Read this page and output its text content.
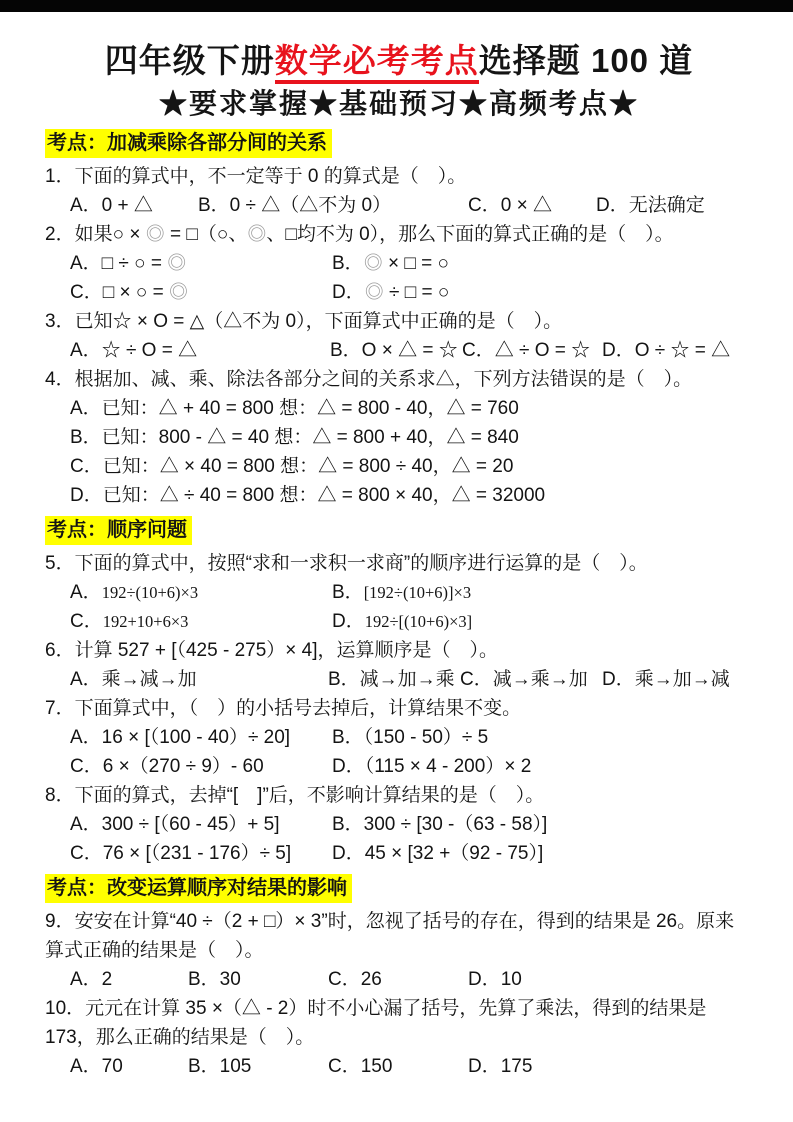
四年级下册数学必考考点选择题 100 道
★要求掌握★基础预习★高频考点★
考点：加减乘除各部分间的关系

1．下面的算式中，不一定等于 0 的算式是（　）。

A．0 + △	B．0 ÷ △（△不为 0）	C．0 × △	D．无法确定

2．如果○ × ◎ = □（○、◎、□均不为 0），那么下面的算式正确的是（　）。

A．□ ÷ ○ = ◎	B．◎ × □ = ○
C．□ × ○ = ◎	D．◎ ÷ □ = ○

3．已知☆ × O = △（△不为 0），下面算式中正确的是（　）。

A．☆ ÷ O = △	B．O × △ = ☆ C．△ ÷ O = ☆ D．O ÷ ☆ = △

4．根据加、减、乘、除法各部分之间的关系求△，下列方法错误的是（　）。

A．已知：△ + 40 = 800 想：△ = 800 - 40，△ = 760

B．已知：800 - △ = 40 想：△ = 800 + 40，△ = 840

C．已知：△ × 40 = 800 想：△ = 800 ÷ 40，△ = 20

D．已知：△ ÷ 40 = 800 想：△ = 800 × 40，△ = 32000

考点：顺序问题

5．下面的算式中，按照“求和一求积一求商”的顺序进行运算的是（　）。

A．192÷(10+6)×3	B．[192÷(10+6)]×3
C．192+10+6×3	D．192÷[(10+6)×3]

6．计算 527 + [（425 - 275）× 4]，运算顺序是（　）。

A．乘→减→加	B．减→加→乘 C．减→乘→加 D．乘→加→减

7．下面算式中，（　）的小括号去掉后，计算结果不变。

A．16 × [（100 - 40）÷ 20]	B．（150 - 50）÷ 5
C．6 ×（270 ÷ 9）- 60	D．（115 × 4 - 200）× 2

8．下面的算式，去掉“[　]”后，不影响计算结果的是（　）。

A．300 ÷ [（60 - 45）+ 5]	B．300 ÷ [30 -（63 - 58）]
C．76 × [（231 - 176）÷ 5]	D．45 × [32 +（92 - 75）]
考点：改变运算顺序对结果的影响

9．安安在计算“40 ÷（2 + □）× 3”时，忽视了括号的存在，得到的结果是 26。原来算式正确的结果是（　）。

A．2	B．30	C．26	D．10

10．元元在计算 35 ×（△ - 2）时不小心漏了括号，先算了乘法，得到的结果是 173，那么正确的结果是（　）。

A．70	B．105	C．150	D．175
